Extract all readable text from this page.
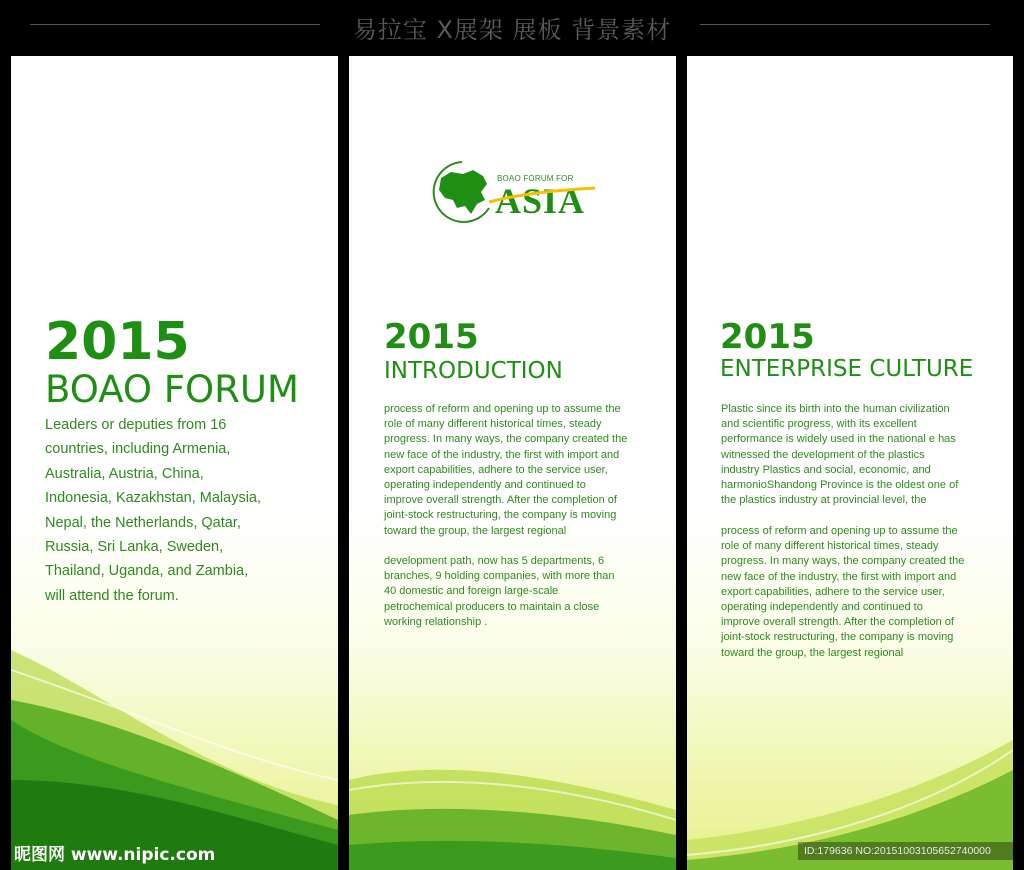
易拉宝 X展架 展板 背景素材
2015
BOAO FORUM
Leaders or deputies from 16
countries, including Armenia,
Australia, Austria, China,
Indonesia, Kazakhstan, Malaysia,
Nepal, the Netherlands, Qatar,
Russia, Sri Lanka, Sweden,
Thailand, Uganda, and Zambia,
will attend the forum.
BOAO FORUM FOR
ASIA
2015
INTRODUCTION
process of reform and opening up to assume the
role of many different historical times, steady
progress. In many ways, the company created the
new face of the industry, the first with import and
export capabilities, adhere to the service user,
operating independently and continued to
improve overall strength. After the completion of
joint-stock restructuring, the company is moving
toward the group, the largest regional
development path, now has 5 departments, 6
branches, 9 holding companies, with more than
40 domestic and foreign large-scale
petrochemical producers to maintain a close
working relationship .
2015
ENTERPRISE CULTURE
Plastic since its birth into the human civilization
and scientific progress, with its excellent
performance is widely used in the national e has
witnessed the development of the plastics
industry Plastics and social, economic, and
harmonioShandong Province is the oldest one of
the plastics industry at provincial level, the
process of reform and opening up to assume the
role of many different historical times, steady
progress. In many ways, the company created the
new face of the industry, the first with import and
export capabilities, adhere to the service user,
operating independently and continued to
improve overall strength. After the completion of
joint-stock restructuring, the company is moving
toward the group, the largest regional
昵图网 www.nipic.com	ID:179636 NO:20151003105652740000
